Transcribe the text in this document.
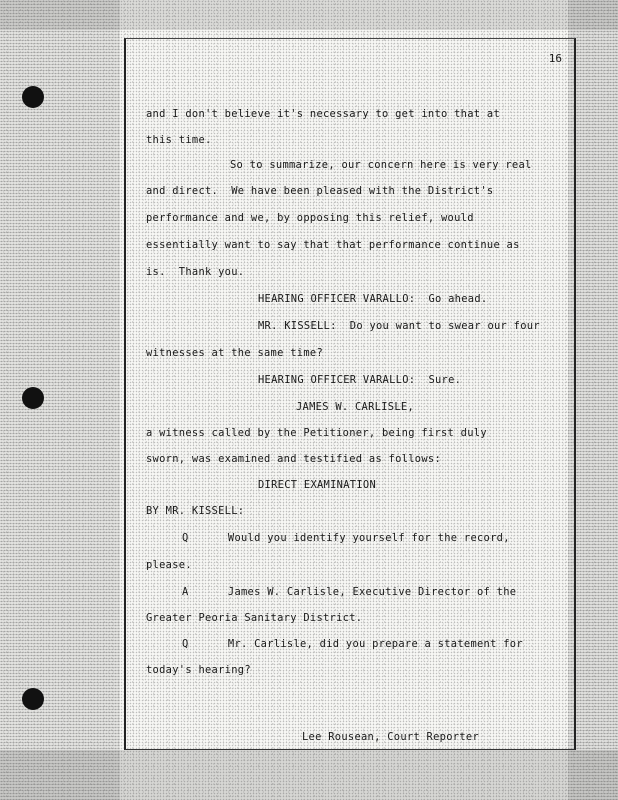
16
and I don't believe it's necessary to get into that at
this time.
So to summarize, our concern here is very real
and direct.  We have been pleased with the District's
performance and we, by opposing this relief, would
essentially want to say that that performance continue as
is.  Thank you.
HEARING OFFICER VARALLO:  Go ahead.
MR. KISSELL:  Do you want to swear our four
witnesses at the same time?
HEARING OFFICER VARALLO:  Sure.
JAMES W. CARLISLE,
a witness called by the Petitioner, being first duly
sworn, was examined and testified as follows:
DIRECT EXAMINATION
BY MR. KISSELL:
Q      Would you identify yourself for the record,
please.
A      James W. Carlisle, Executive Director of the
Greater Peoria Sanitary District.
Q      Mr. Carlisle, did you prepare a statement for
today's hearing?
Lee Rousean, Court Reporter
